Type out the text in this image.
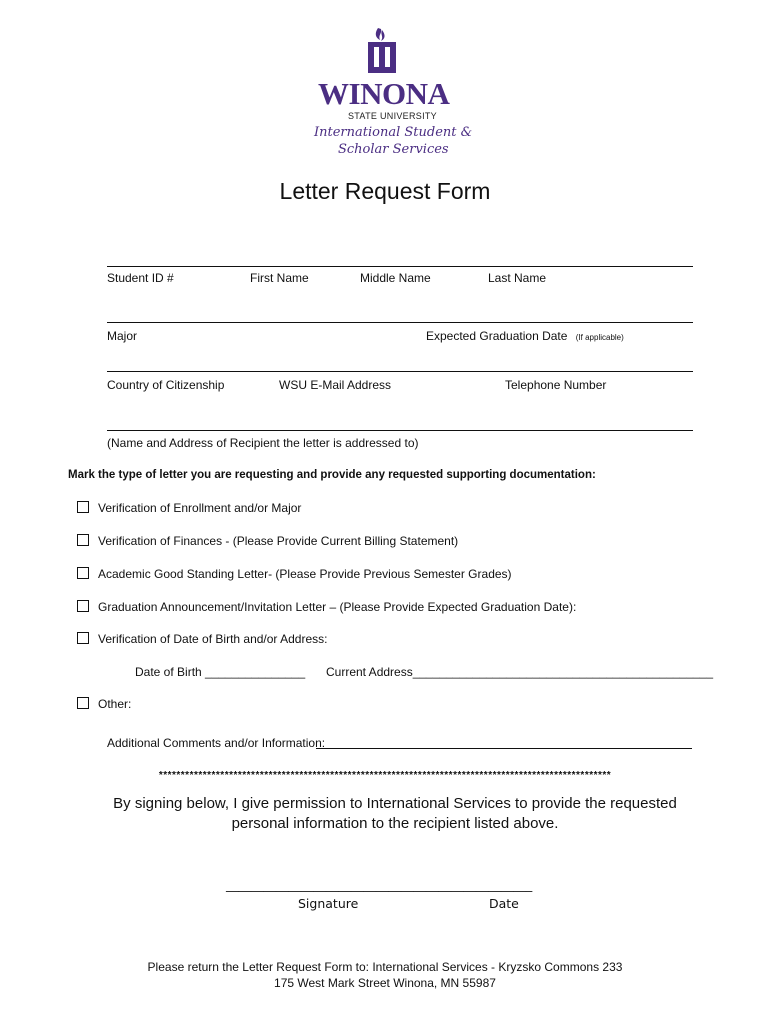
WINONA
STATE UNIVERSITY
International Student &
Scholar Services
Letter Request Form
Student ID #	First Name	Middle Name	Last Name
Major	Expected Graduation Date (If applicable)
Country of Citizenship	WSU E-Mail Address	Telephone Number
(Name and Address of Recipient the letter is addressed to)
Mark the type of letter you are requesting and provide any requested supporting documentation:
Verification of Enrollment and/or Major
Verification of Finances - (Please Provide Current Billing Statement)
Academic Good Standing Letter- (Please Provide Previous Semester Grades)
Graduation Announcement/Invitation Letter – (Please Provide Expected Graduation Date):
Verification of Date of Birth and/or Address:
Date of Birth _______________ Current Address_____________________________________________
Other:
Additional Comments and/or Information:
*******************************************************************************************************
By signing below, I give permission to International Services to provide the requested personal information to the recipient listed above.
_________________________________________________
Signature	Date
Please return the Letter Request Form to: International Services - Kryzsko Commons 233
175 West Mark Street Winona, MN 55987
